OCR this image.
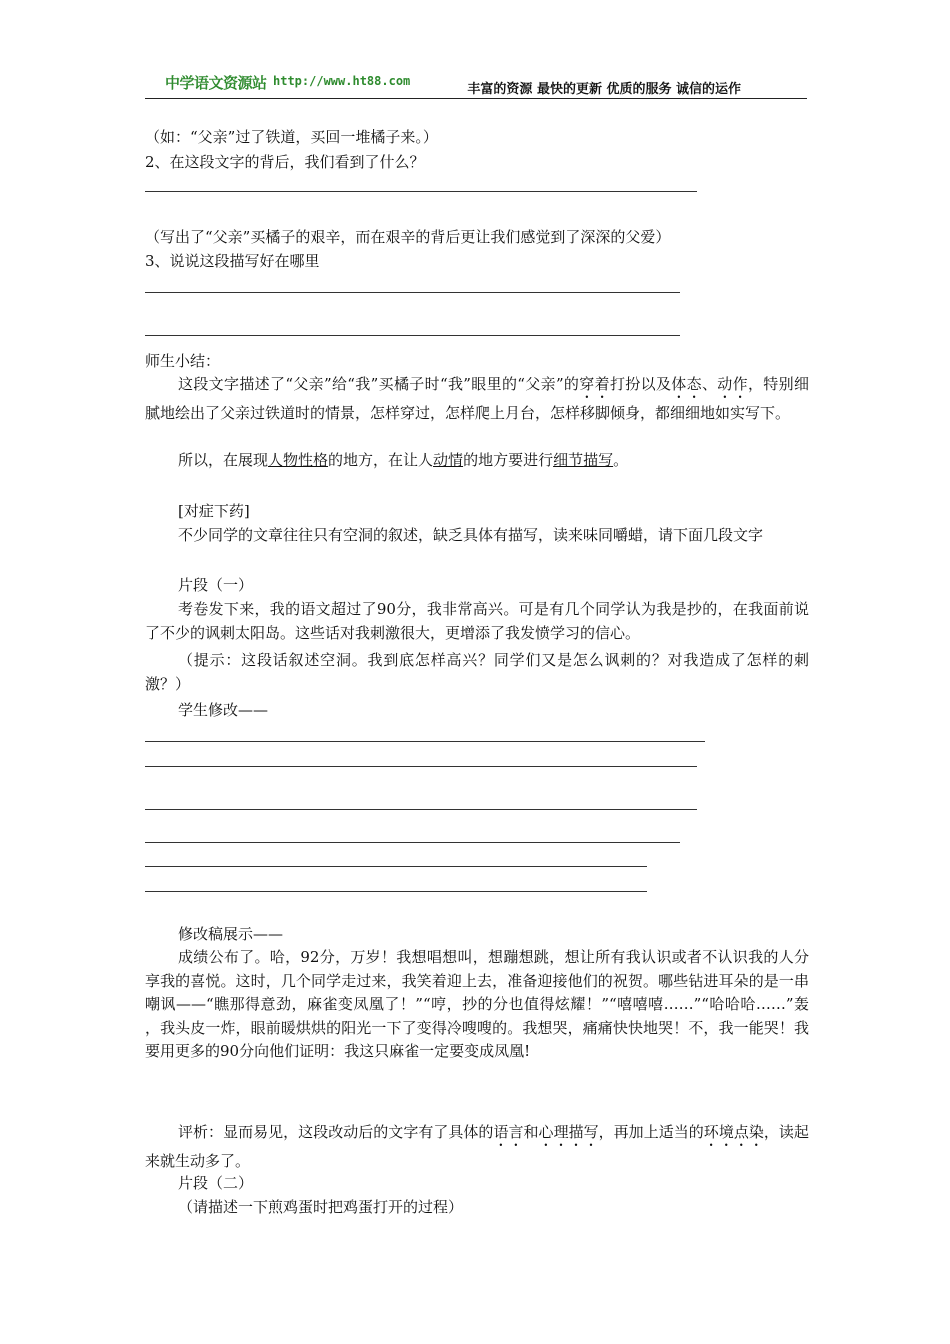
中学语文资源站 http://www.ht88.com
丰富的资源 最快的更新 优质的服务 诚信的运作
（如：“父亲”过了铁道，买回一堆橘子来。）
2、在这段文字的背后，我们看到了什么？
（写出了“父亲”买橘子的艰辛，而在艰辛的背后更让我们感觉到了深深的父爱）
3、说说这段描写好在哪里
师生小结：
这段文字描述了“父亲”给“我”买橘子时“我”眼里的“父亲”的穿着打扮以及体态、动作，特别细腻地绘出了父亲过铁道时的情景，怎样穿过，怎样爬上月台，怎样移脚倾身，都细细地如实写下。
所以，在展现人物性格的地方，在让人动情的地方要进行细节描写。
[对症下药]
不少同学的文章往往只有空洞的叙述，缺乏具体有描写，读来味同嚼蜡，请下面几段文字
片段（一）
考卷发下来，我的语文超过了90分，我非常高兴。可是有几个同学认为我是抄的，在我面前说了不少的讽刺太阳岛。这些话对我刺激很大，更增添了我发愤学习的信心。
（提示：这段话叙述空洞。我到底怎样高兴？同学们又是怎么讽刺的？对我造成了怎样的刺激？）
学生修改——
修改稿展示——
成绩公布了。哈，92分，万岁！我想唱想叫，想蹦想跳，想让所有我认识或者不认识我的人分享我的喜悦。这时，几个同学走过来，我笑着迎上去，准备迎接他们的祝贺。哪些钻进耳朵的是一串嘲讽——“瞧那得意劲，麻雀变凤凰了！”“哼，抄的分也值得炫耀！”“嘻嘻嘻……”“哈哈哈……”轰 ，我头皮一炸，眼前暖烘烘的阳光一下了变得冷嗖嗖的。我想哭，痛痛快快地哭！不，我一能哭！我要用更多的90分向他们证明：我这只麻雀一定要变成凤凰!
评析：显而易见，这段改动后的文字有了具体的语言和心理描写，再加上适当的环境点染，读起来就生动多了。
片段（二）
（请描述一下煎鸡蛋时把鸡蛋打开的过程）
